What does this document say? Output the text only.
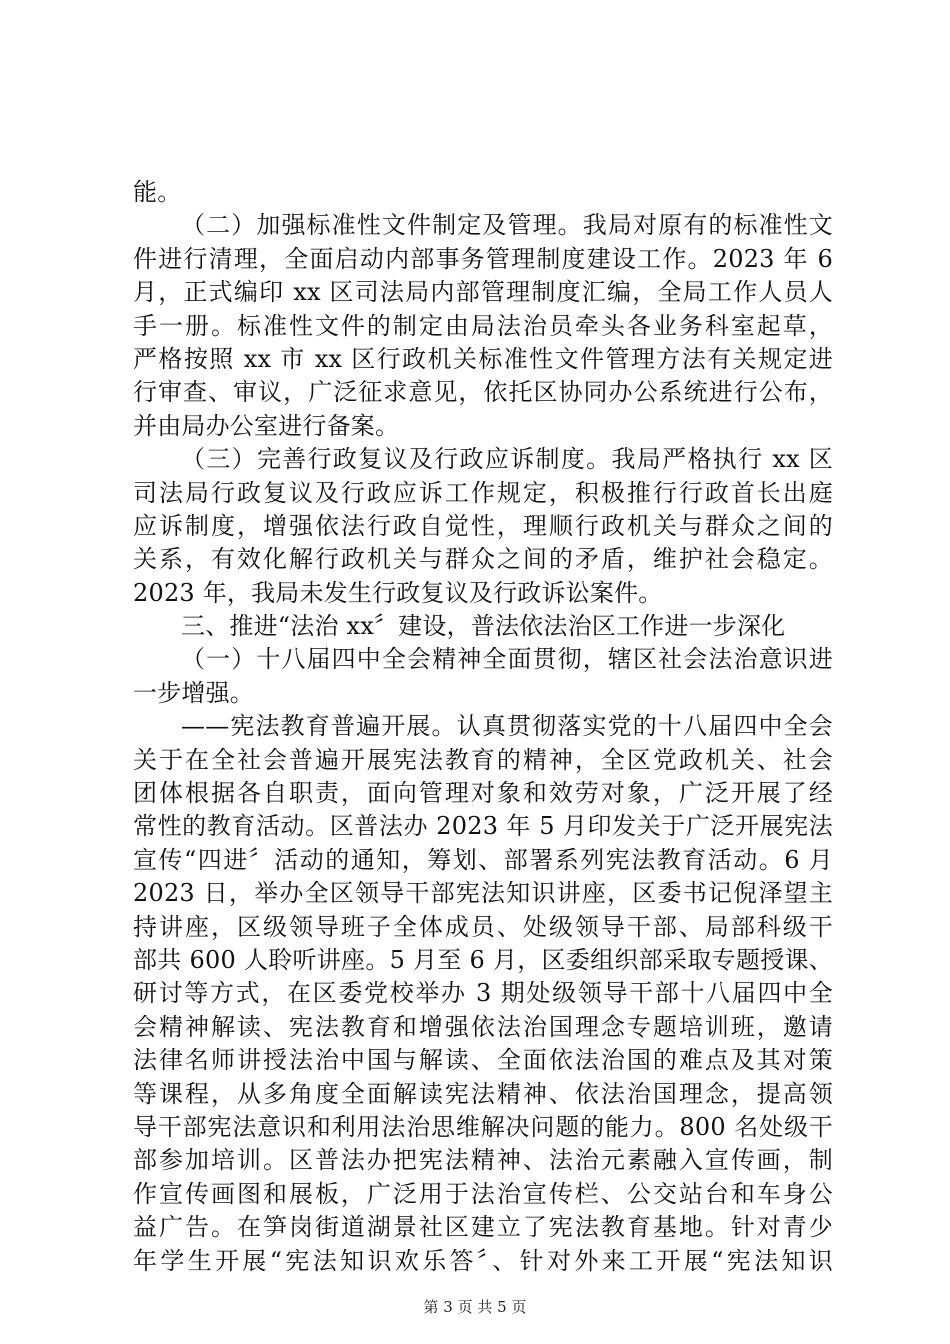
能。
（二）加强标准性文件制定及管理。我局对原有的标准性文
件进行清理，全面启动内部事务管理制度建设工作。2023 年 6
月，正式编印 xx 区司法局内部管理制度汇编，全局工作人员人
手一册。标准性文件的制定由局法治员牵头各业务科室起草，
严格按照 xx 市 xx 区行政机关标准性文件管理方法有关规定进
行审查、审议，广泛征求意见，依托区协同办公系统进行公布，
并由局办公室进行备案。
（三）完善行政复议及行政应诉制度。我局严格执行 xx 区
司法局行政复议及行政应诉工作规定，积极推行行政首长出庭
应诉制度，增强依法行政自觉性，理顺行政机关与群众之间的
关系，有效化解行政机关与群众之间的矛盾，维护社会稳定。
2023 年，我局未发生行政复议及行政诉讼案件。
三、推进“法治 xx〞建设，普法依法治区工作进一步深化
（一）十八届四中全会精神全面贯彻，辖区社会法治意识进
一步增强。
——宪法教育普遍开展。认真贯彻落实党的十八届四中全会
关于在全社会普遍开展宪法教育的精神，全区党政机关、社会
团体根据各自职责，面向管理对象和效劳对象，广泛开展了经
常性的教育活动。区普法办 2023 年 5 月印发关于广泛开展宪法
宣传“四进〞活动的通知，筹划、部署系列宪法教育活动。6 月
2023 日，举办全区领导干部宪法知识讲座，区委书记倪泽望主
持讲座，区级领导班子全体成员、处级领导干部、局部科级干
部共 600 人聆听讲座。5 月至 6 月，区委组织部采取专题授课、
研讨等方式，在区委党校举办 3 期处级领导干部十八届四中全
会精神解读、宪法教育和增强依法治国理念专题培训班，邀请
法律名师讲授法治中国与解读、全面依法治国的难点及其对策
等课程，从多角度全面解读宪法精神、依法治国理念，提高领
导干部宪法意识和利用法治思维解决问题的能力。800 名处级干
部参加培训。区普法办把宪法精神、法治元素融入宣传画，制
作宣传画图和展板，广泛用于法治宣传栏、公交站台和车身公
益广告。在笋岗街道湖景社区建立了宪法教育基地。针对青少
年学生开展“宪法知识欢乐答〞、针对外来工开展“宪法知识
第 3 页 共 5 页
